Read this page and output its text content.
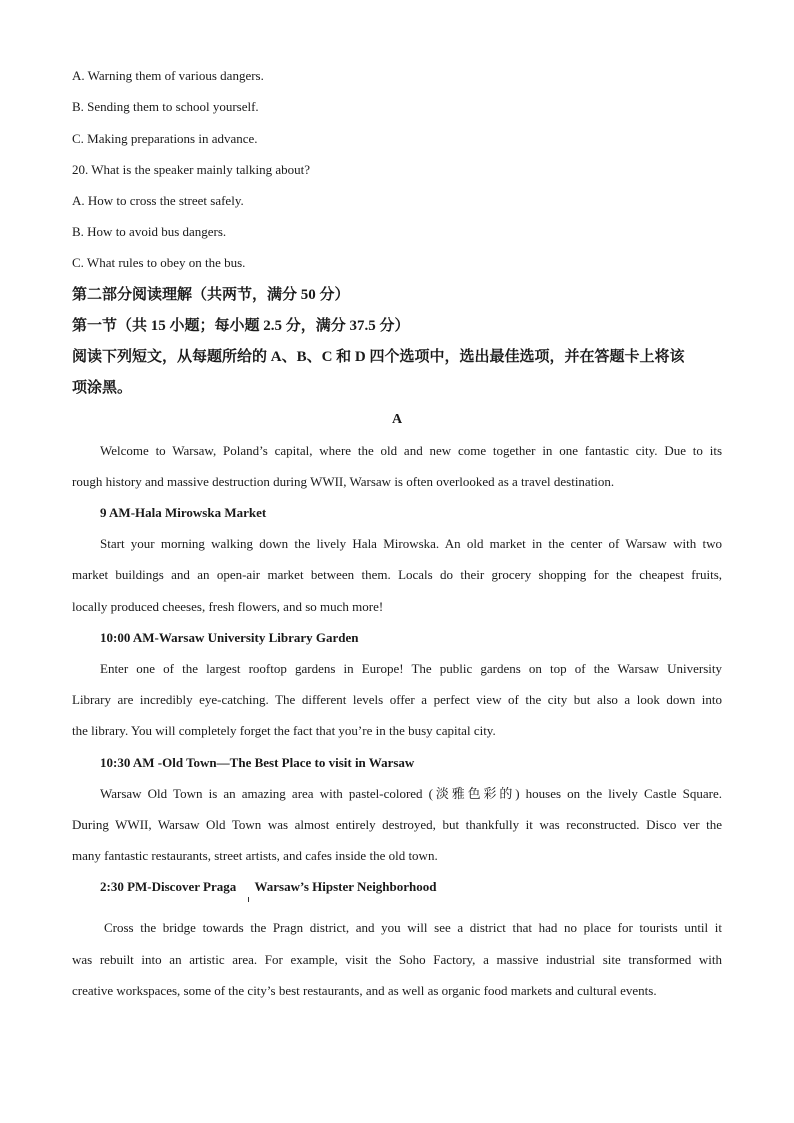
A. Warning them of various dangers.
B. Sending them to school yourself.
C. Making preparations in advance.
20. What is the speaker mainly talking about?
A. How to cross the street safely.
B. How to avoid bus dangers.
C. What rules to obey on the bus.
第二部分阅读理解（共两节，满分 50 分）
第一节（共 15 小题；每小题 2.5 分，满分 37.5 分）
阅读下列短文，从每题所给的 A、B、C 和 D 四个选项中，选出最佳选项，并在答题卡上将该
项涂黑。
A
Welcome to Warsaw, Poland’s capital, where the old and new come together in one fantastic city. Due to its
rough history and massive destruction during WWII, Warsaw is often overlooked as a travel destination.
9 AM-Hala Mirowska Market
Start your morning walking down the lively Hala Mirowska. An old market in the center of Warsaw with two
market buildings and an open-air market between them. Locals do their grocery shopping for the cheapest fruits,
locally produced cheeses, fresh flowers, and so much more!
10:00 AM-Warsaw University Library Garden
Enter one of the largest rooftop gardens in Europe! The public gardens on top of the Warsaw University
Library are incredibly eye-catching. The different levels offer a perfect view of the city but also a look down into
the library. You will completely forget the fact that you’re in the busy capital city.
10:30 AM -Old Town—The Best Place to visit in Warsaw
Warsaw Old Town is an amazing area with pastel-colored (淡雅色彩的) houses on the lively Castle Square.
During WWII, Warsaw Old Town was almost entirely destroyed, but thankfully it was reconstructed. Disco ver the
many fantastic restaurants, street artists, and cafes inside the old town.
2:30 PM-Discover Praga Warsaw’s Hipster Neighborhood
Cross the bridge towards the Pragn district, and you will see a district that had no place for tourists until it
was rebuilt into an artistic area. For example, visit the Soho Factory, a massive industrial site transformed with
creative workspaces, some of the city’s best restaurants, and as well as organic food markets and cultural events.
